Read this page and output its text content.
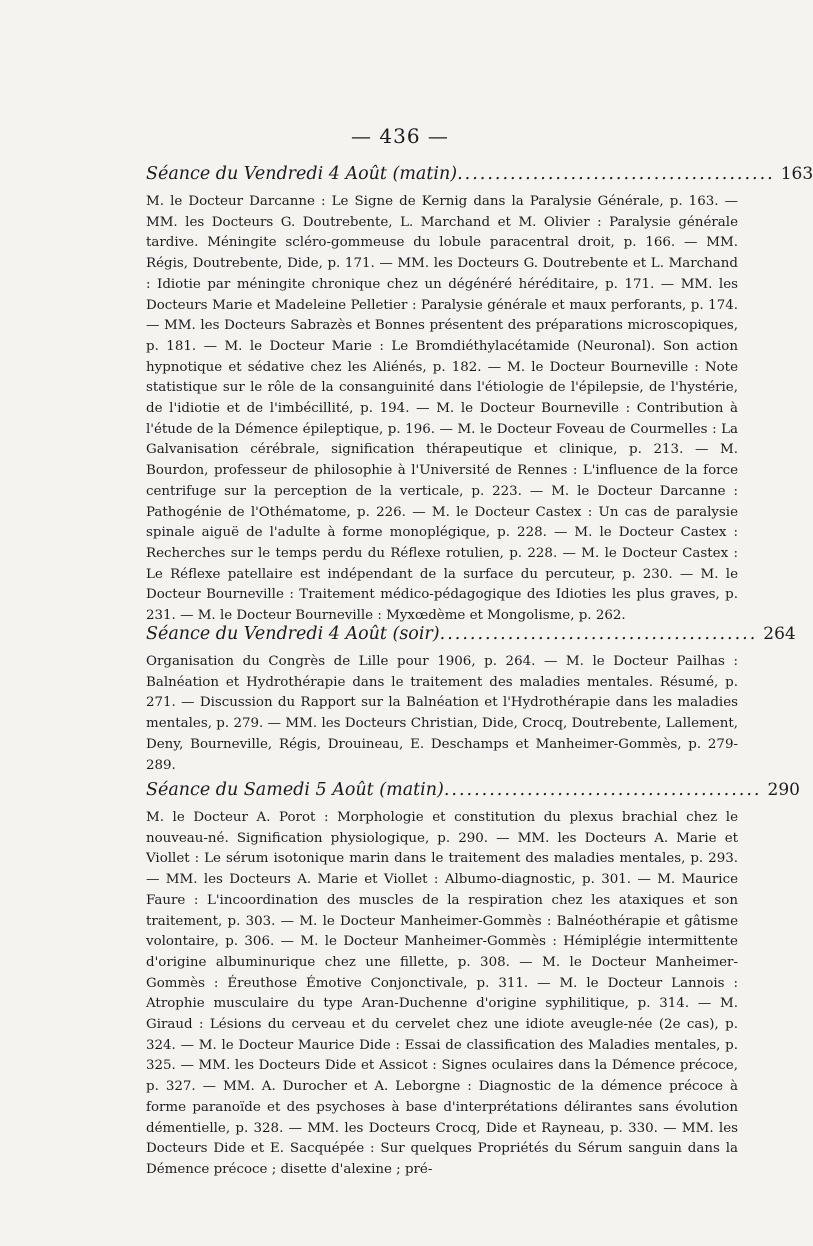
— 436 —
Séance du Vendredi 4 Août (matin).......................................... 163
M. le Docteur Darcanne : Le Signe de Kernig dans la Paralysie Générale, p. 163. — MM. les Docteurs G. Doutrebente, L. Marchand et M. Olivier : Paralysie générale tardive. Méningite scléro-gommeuse du lobule paracentral droit, p. 166. — MM. Régis, Doutrebente, Dide, p. 171. — MM. les Docteurs G. Doutrebente et L. Marchand : Idiotie par méningite chronique chez un dégénéré héréditaire, p. 171. — MM. les Docteurs Marie et Madeleine Pelletier : Paralysie générale et maux perforants, p. 174. — MM. les Docteurs Sabrazès et Bonnes présentent des préparations microscopiques, p. 181. — M. le Docteur Marie : Le Bromdiéthylacétamide (Neuronal). Son action hypnotique et sédative chez les Aliénés, p. 182. — M. le Docteur Bourneville : Note statistique sur le rôle de la consanguinité dans l'étiologie de l'épilepsie, de l'hystérie, de l'idiotie et de l'imbécillité, p. 194. — M. le Docteur Bourneville : Contribution à l'étude de la Démence épileptique, p. 196. — M. le Docteur Foveau de Courmelles : La Galvanisation cérébrale, signification thérapeutique et clinique, p. 213. — M. Bourdon, professeur de philosophie à l'Université de Rennes : L'influence de la force centrifuge sur la perception de la verticale, p. 223. — M. le Docteur Darcanne : Pathogénie de l'Othématome, p. 226. — M. le Docteur Castex : Un cas de paralysie spinale aiguë de l'adulte à forme monoplégique, p. 228. — M. le Docteur Castex : Recherches sur le temps perdu du Réflexe rotulien, p. 228. — M. le Docteur Castex : Le Réflexe patellaire est indépendant de la surface du percuteur, p. 230. — M. le Docteur Bourneville : Traitement médico-pédagogique des Idioties les plus graves, p. 231. — M. le Docteur Bourneville : Myxœdème et Mongolisme, p. 262.
Séance du Vendredi 4 Août (soir).......................................... 264
Organisation du Congrès de Lille pour 1906, p. 264. — M. le Docteur Pailhas : Balnéation et Hydrothérapie dans le traitement des maladies mentales. Résumé, p. 271. — Discussion du Rapport sur la Balnéation et l'Hydrothérapie dans les maladies mentales, p. 279. — MM. les Docteurs Christian, Dide, Crocq, Doutrebente, Lallement, Deny, Bourneville, Régis, Drouineau, E. Deschamps et Manheimer-Gommès, p. 279-289.
Séance du Samedi 5 Août (matin).......................................... 290
M. le Docteur A. Porot : Morphologie et constitution du plexus brachial chez le nouveau-né. Signification physiologique, p. 290. — MM. les Docteurs A. Marie et Viollet : Le sérum isotonique marin dans le traitement des maladies mentales, p. 293. — MM. les Docteurs A. Marie et Viollet : Albumo-diagnostic, p. 301. — M. Maurice Faure : L'incoordination des muscles de la respiration chez les ataxiques et son traitement, p. 303. — M. le Docteur Manheimer-Gommès : Balnéothérapie et gâtisme volontaire, p. 306. — M. le Docteur Manheimer-Gommès : Hémiplégie intermittente d'origine albuminurique chez une fillette, p. 308. — M. le Docteur Manheimer-Gommès : Éreuthose Émotive Conjonctivale, p. 311. — M. le Docteur Lannois : Atrophie musculaire du type Aran-Duchenne d'origine syphilitique, p. 314. — M. Giraud : Lésions du cerveau et du cervelet chez une idiote aveugle-née (2e cas), p. 324. — M. le Docteur Maurice Dide : Essai de classification des Maladies mentales, p. 325. — MM. les Docteurs Dide et Assicot : Signes oculaires dans la Démence précoce, p. 327. — MM. A. Durocher et A. Leborgne : Diagnostic de la démence précoce à forme paranoïde et des psychoses à base d'interprétations délirantes sans évolution démentielle, p. 328. — MM. les Docteurs Crocq, Dide et Rayneau, p. 330. — MM. les Docteurs Dide et E. Sacquépée : Sur quelques Propriétés du Sérum sanguin dans la Démence précoce ; disette d'alexine ; pré-
